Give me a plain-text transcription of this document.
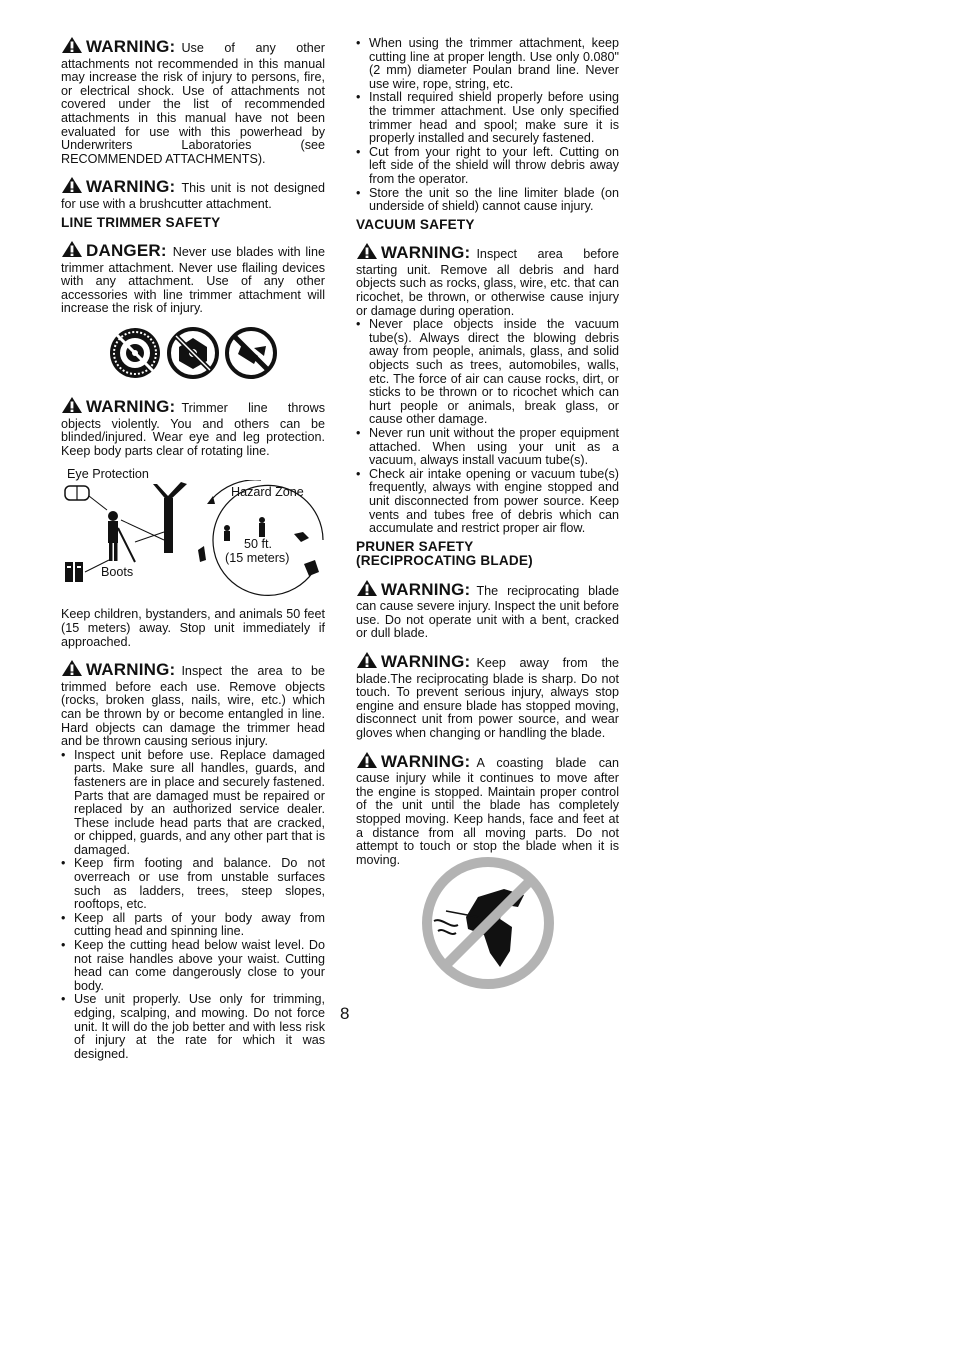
WARNING: Use of any other attachments not recommended in this manual may increase the risk of injury to persons, fire, or electrical shock. Use of attachments not covered under the list of recommended attachments in this manual have not been evaluated for use with this powerhead by Underwriters Laboratories (see RECOMMENDED ATTACHMENTS).
WARNING: This unit is not designed for use with a brushcutter attachment.
LINE TRIMMER SAFETY
DANGER: Never use blades with line trimmer attachment. Never use flailing devices with any attachment. Use of any other accessories with line trimmer attachment will increase the risk of injury.
WARNING: Trimmer line throws objects violently. You and others can be blinded/injured. Wear eye and leg protection. Keep body parts clear of rotating line.
Eye Protection
Hazard Zone
50 ft.
(15 meters)
Boots
Keep children, bystanders, and animals 50 feet (15 meters) away. Stop unit immediately if approached.
WARNING: Inspect the area to be trimmed before each use. Remove objects (rocks, broken glass, nails, wire, etc.) which can be thrown by or become entangled in line. Hard objects can damage the trimmer head and be thrown causing serious injury.
• Inspect unit before use. Replace damaged parts. Make sure all handles, guards, and fasteners are in place and securely fastened. Parts that are damaged must be repaired or replaced by an authorized service dealer. These include head parts that are cracked, or chipped, guards, and any other part that is damaged.
• Keep firm footing and balance. Do not overreach or use from unstable surfaces such as ladders, trees, steep slopes, rooftops, etc.
• Keep all parts of your body away from cutting head and spinning line.
• Keep the cutting head below waist level. Do not raise handles above your waist. Cutting head can come dangerously close to your body.
• Use unit properly. Use only for trimming, edging, scalping, and mowing. Do not force unit. It will do the job better and with less risk of injury at the rate for which it was designed.
• When using the trimmer attachment, keep cutting line at proper length. Use only 0.080" (2 mm) diameter Poulan brand line. Never use wire, rope, string, etc.
• Install required shield properly before using the trimmer attachment. Use only specified trimmer head and spool; make sure it is properly installed and securely fastened.
• Cut from your right to your left. Cutting on left side of the shield will throw debris away from the operator.
• Store the unit so the line limiter blade (on underside of shield) cannot cause injury.
VACUUM SAFETY
WARNING: Inspect area before starting unit. Remove all debris and hard objects such as rocks, glass, wire, etc. that can ricochet, be thrown, or otherwise cause injury or damage during operation.
• Never place objects inside the vacuum tube(s). Always direct the blowing debris away from people, animals, glass, and solid objects such as trees, automobiles, walls, etc. The force of air can cause rocks, dirt, or sticks to be thrown or to ricochet which can hurt people or animals, break glass, or cause other damage.
• Never run unit without the proper equipment attached. When using your unit as a vacuum, always install vacuum tube(s).
• Check air intake opening or vacuum tube(s) frequently, always with engine stopped and unit disconnected from power source. Keep vents and tubes free of debris which can accumulate and restrict proper air flow.
PRUNER SAFETY
(RECIPROCATING BLADE)
WARNING: The reciprocating blade can cause severe injury. Inspect the unit before use. Do not operate unit with a bent, cracked or dull blade.
WARNING: Keep away from the blade.The reciprocating blade is sharp. Do not touch. To prevent serious injury, always stop engine and ensure blade has stopped moving, disconnect unit from power source, and wear gloves when changing or handling the blade.
WARNING: A coasting blade can cause injury while it continues to move after the engine is stopped. Maintain proper control of the unit until the blade has completely stopped moving. Keep hands, face and feet at a distance from all moving parts. Do not attempt to touch or stop the blade when it is moving.
8
